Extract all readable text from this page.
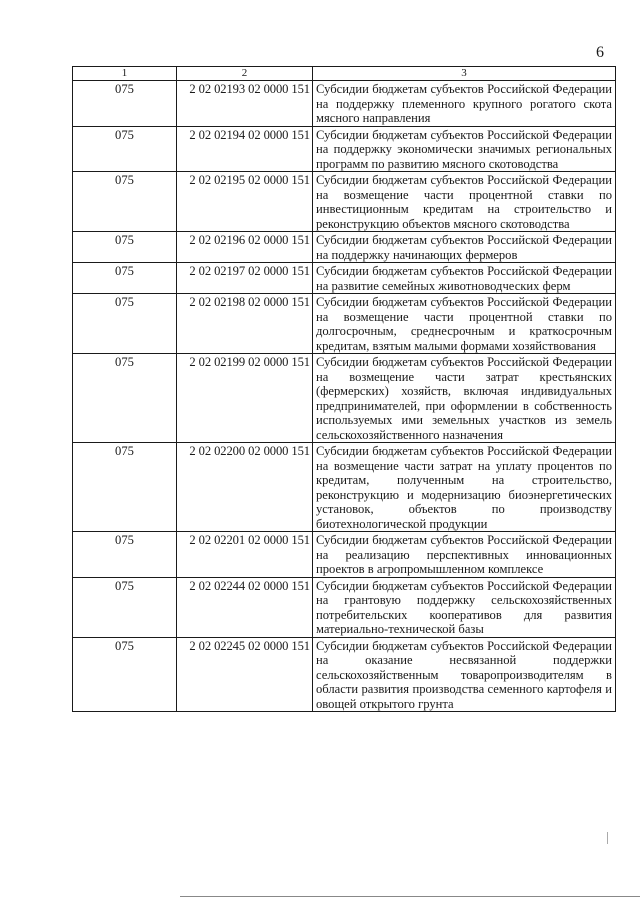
6
1	2	3
075	2 02 02193 02 0000 151	Субсидии бюджетам субъектов Российской Федерации на поддержку племенного крупного рогатого скота мясного направления
075	2 02 02194 02 0000 151	Субсидии бюджетам субъектов Российской Федерации на поддержку экономически значимых региональных программ по развитию мясного скотоводства
075	2 02 02195 02 0000 151	Субсидии бюджетам субъектов Российской Федерации на возмещение части процентной ставки по инвестиционным кредитам на строительство и реконструкцию объектов мясного скотоводства
075	2 02 02196 02 0000 151	Субсидии бюджетам субъектов Российской Федерации на поддержку начинающих фермеров
075	2 02 02197 02 0000 151	Субсидии бюджетам субъектов Российской Федерации на развитие семейных животноводческих ферм
075	2 02 02198 02 0000 151	Субсидии бюджетам субъектов Российской Федерации на возмещение части процентной ставки по долгосрочным, среднесрочным и краткосрочным кредитам, взятым малыми формами хозяйствования
075	2 02 02199 02 0000 151	Субсидии бюджетам субъектов Российской Федерации на возмещение части затрат крестьянских (фермерских) хозяйств, включая индивидуальных предпринимателей, при оформлении в собственность используемых ими земельных участков из земель сельскохозяйственного назначения
075	2 02 02200 02 0000 151	Субсидии бюджетам субъектов Российской Федерации на возмещение части затрат на уплату процентов по кредитам, полученным на строительство, реконструкцию и модернизацию биоэнергетических установок, объектов по производству биотехнологической продукции
075	2 02 02201 02 0000 151	Субсидии бюджетам субъектов Российской Федерации на реализацию перспективных инновационных проектов в агропромышленном комплексе
075	2 02 02244 02 0000 151	Субсидии бюджетам субъектов Российской Федерации на грантовую поддержку сельскохозяйственных потребительских кооперативов для развития материально-технической базы
075	2 02 02245 02 0000 151	Субсидии бюджетам субъектов Российской Федерации на оказание несвязанной поддержки сельскохозяйственным товаропроизводителям в области развития производства семенного картофеля и овощей открытого грунта
